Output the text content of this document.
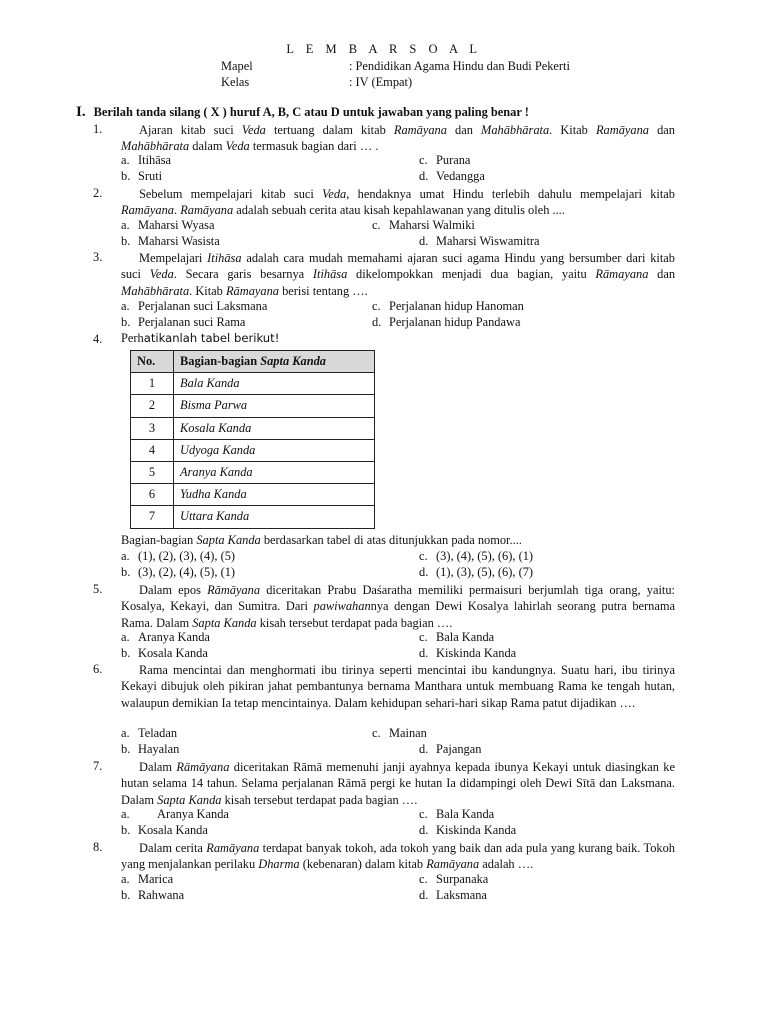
L E M B A R S O A L
Mapel	: Pendidikan Agama Hindu dan Budi Pekerti
Kelas	: IV (Empat)
I. Berilah tanda silang ( X ) huruf A, B, C atau D untuk jawaban yang paling benar !
1.	Ajaran kitab suci Veda tertuang dalam kitab Ramāyana dan Mahābhārata. Kitab Ramāyana dan Mahābhārata dalam Veda termasuk bagian dari … .
a. Itihāsa
b. Sruti
c. Purana
d. Vedangga
2.	Sebelum mempelajari kitab suci Veda, hendaknya umat Hindu terlebih dahulu mempelajari kitab Ramāyana. Ramāyana adalah sebuah cerita atau kisah kepahlawanan yang ditulis oleh ....
a. Maharsi Wyasa
b. Maharsi Wasista
c. Maharsi Walmiki
d. Maharsi Wiswamitra
3.	Mempelajari Itihāsa adalah cara mudah memahami ajaran suci agama Hindu yang bersumber dari kitab suci Veda. Secara garis besarnya Itihāsa dikelompokkan menjadi dua bagian, yaitu Rāmayana dan Mahābhārata. Kitab Rāmayana berisi tentang ….
a. Perjalanan suci Laksmana
b. Perjalanan suci Rama
c. Perjalanan hidup Hanoman
d. Perjalanan hidup Pandawa
4. Perhatikanlah tabel berikut!
No.	Bagian-bagian Sapta Kanda
1	Bala Kanda
2	Bisma Parwa
3	Kosala Kanda
4	Udyoga Kanda
5	Aranya Kanda
6	Yudha Kanda
7	Uttara Kanda
Bagian-bagian Sapta Kanda berdasarkan tabel di atas ditunjukkan pada nomor....
a. (1), (2), (3), (4), (5)
b. (3), (2), (4), (5), (1)
c. (3), (4), (5), (6), (1)
d. (1), (3), (5), (6), (7)
5.	Dalam epos Rāmāyana diceritakan Prabu Daśaratha memiliki permaisuri berjumlah tiga orang, yaitu: Kosalya, Kekayi, dan Sumitra. Dari pawiwahannya dengan Dewi Kosalya lahirlah seorang putra bernama Rama. Dalam Sapta Kanda kisah tersebut terdapat pada bagian ….
a. Aranya Kanda
b. Kosala Kanda
c. Bala Kanda
d. Kiskinda Kanda
6.	Rama mencintai dan menghormati ibu tirinya seperti mencintai ibu kandungnya. Suatu hari, ibu tirinya Kekayi dibujuk oleh pikiran jahat pembantunya bernama Manthara untuk membuang Rama ke tengah hutan, walaupun demikian Ia tetap mencintainya. Dalam kehidupan sehari-hari sikap Rama patut dijadikan ….
a. Teladan
b. Hayalan
c. Mainan
d. Pajangan
7.	Dalam Rāmāyana diceritakan Rāmā memenuhi janji ayahnya kepada ibunya Kekayi untuk diasingkan ke hutan selama 14 tahun. Selama perjalanan Rāmā pergi ke hutan Ia didampingi oleh Dewi Sītā dan Laksmana. Dalam Sapta Kanda kisah tersebut terdapat pada bagian ….
a. Aranya Kanda
b. Kosala Kanda
c. Bala Kanda
d. Kiskinda Kanda
8.	Dalam cerita Ramāyana terdapat banyak tokoh, ada tokoh yang baik dan ada pula yang kurang baik. Tokoh yang menjalankan perilaku Dharma (kebenaran) dalam kitab Ramāyana adalah ….
a. Marica
b. Rahwana
c. Surpanaka
d. Laksmana
